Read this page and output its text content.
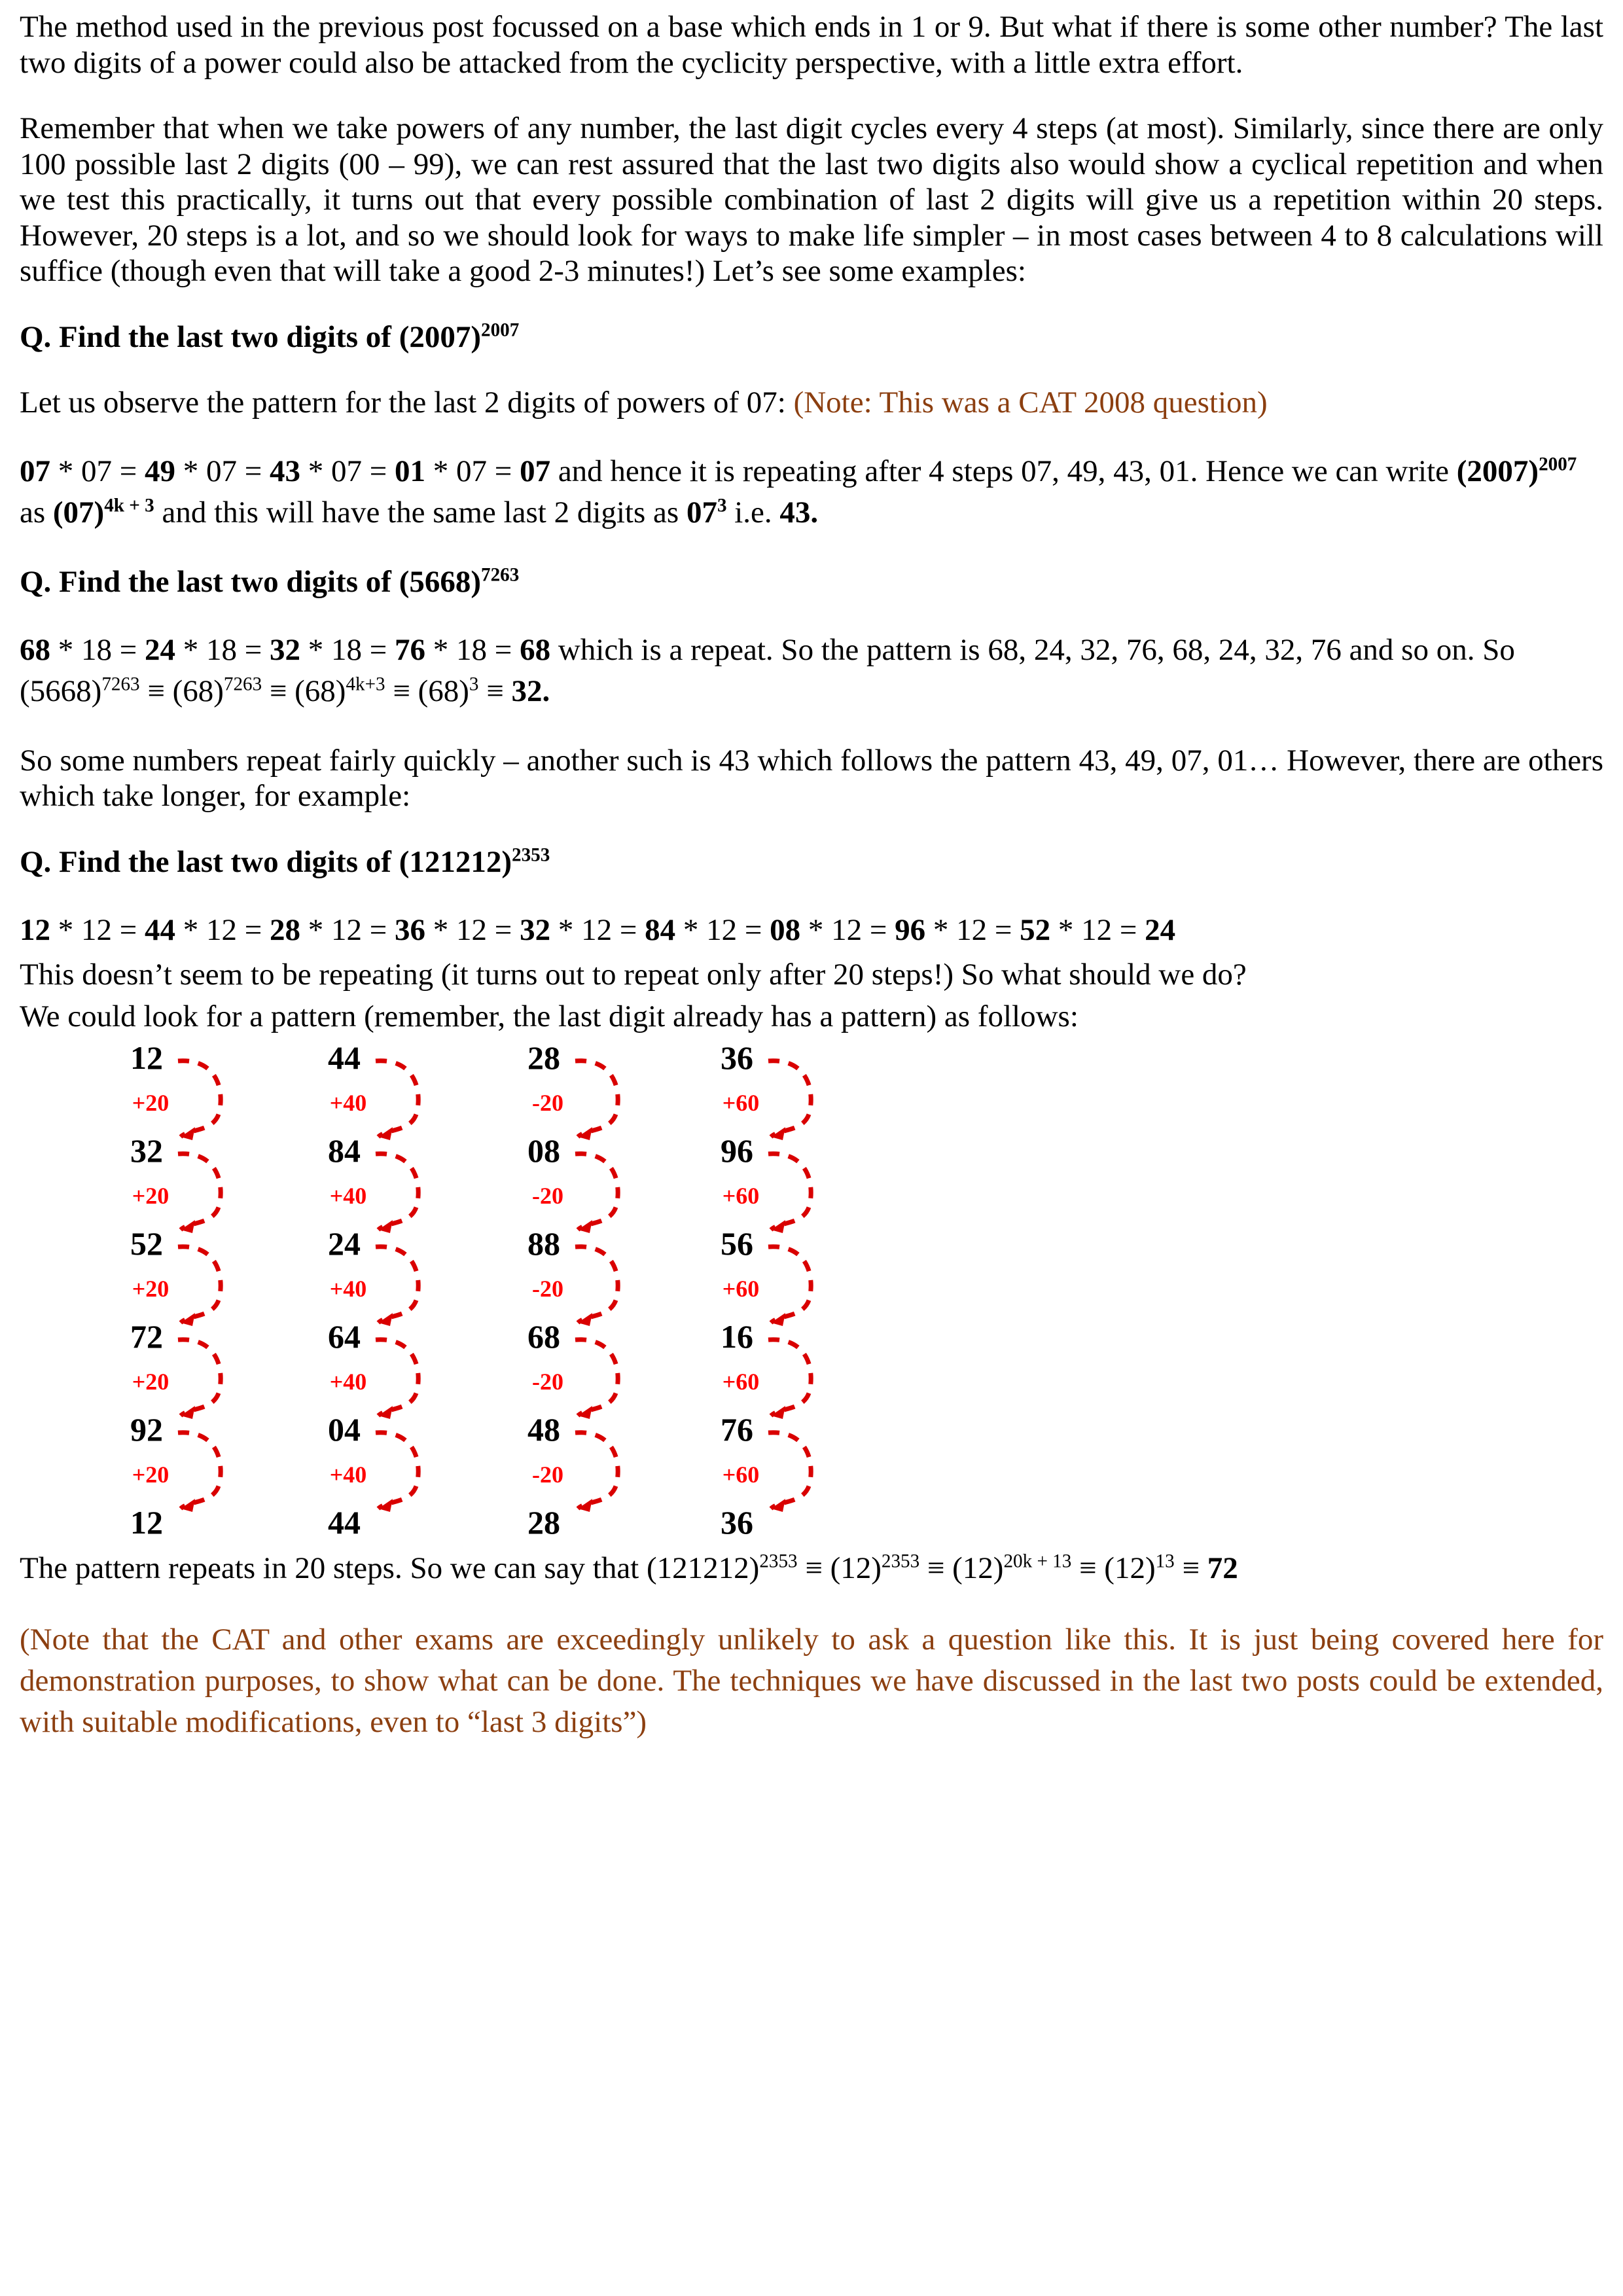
The method used in the previous post focussed on a base which ends in 1 or 9. But what if there is some other number? The last two digits of a power could also be attacked from the cyclicity perspective, with a little extra effort.

Remember that when we take powers of any number, the last digit cycles every 4 steps (at most). Similarly, since there are only 100 possible last 2 digits (00 – 99), we can rest assured that the last two digits also would show a cyclical repetition and when we test this practically, it turns out that every possible combination of last 2 digits will give us a repetition within 20 steps. However, 20 steps is a lot, and so we should look for ways to make life simpler – in most cases between 4 to 8 calculations will suffice (though even that will take a good 2-3 minutes!) Let’s see some examples:

Q. Find the last two digits of $(2007)^{2007}$

Let us observe the pattern for the last 2 digits of powers of 07: (Note: This was a CAT 2008 question)

07 * 07 = 49 * 07 = 43 * 07 = 01 * 07 = 07 and hence it is repeating after 4 steps 07, 49, 43, 01. Hence we can write $(2007)^{2007}$ as $(07)^{4k + 3}$ and this will have the same last 2 digits as $07^3$ i.e. 43.

Q. Find the last two digits of $(5668)^{7263}$

68 * 18 = 24 * 18 = 32 * 18 = 76 * 18 = 68 which is a repeat. So the pattern is 68, 24, 32, 76, 68, 24, 32, 76 and so on. So $(5668)^{7263} \equiv (68)^{7263} \equiv (68)^{4k+3} \equiv (68)^3 \equiv 32$.

So some numbers repeat fairly quickly – another such is 43 which follows the pattern 43, 49, 07, 01… However, there are others which take longer, for example:

Q. Find the last two digits of $(121212)^{2353}$

12 * 12 = 44 * 12 = 28 * 12 = 36 * 12 = 32 * 12 = 84 * 12 = 08 * 12 = 96 * 12 = 52 * 12 = 24

This doesn’t seem to be repeating (it turns out to repeat only after 20 steps!) So what should we do?

We could look for a pattern (remember, the last digit already has a pattern) as follows:

12
+20
32
+20
52
+20
72
+20
92
+20
12
44
+40
84
+40
24
+40
64
+40
04
+40
44
28
-20
08
-20
88
-20
68
-20
48
-20
28
36
+60
96
+60
56
+60
16
+60
76
+60
36

The pattern repeats in 20 steps. So we can say that $(121212)^{2353} \equiv (12)^{2353} \equiv (12)^{20k + 13} \equiv (12)^{13} \equiv 72$

(Note that the CAT and other exams are exceedingly unlikely to ask a question like this. It is just being covered here for demonstration purposes, to show what can be done. The techniques we have discussed in the last two posts could be extended, with suitable modifications, even to “last 3 digits”)
